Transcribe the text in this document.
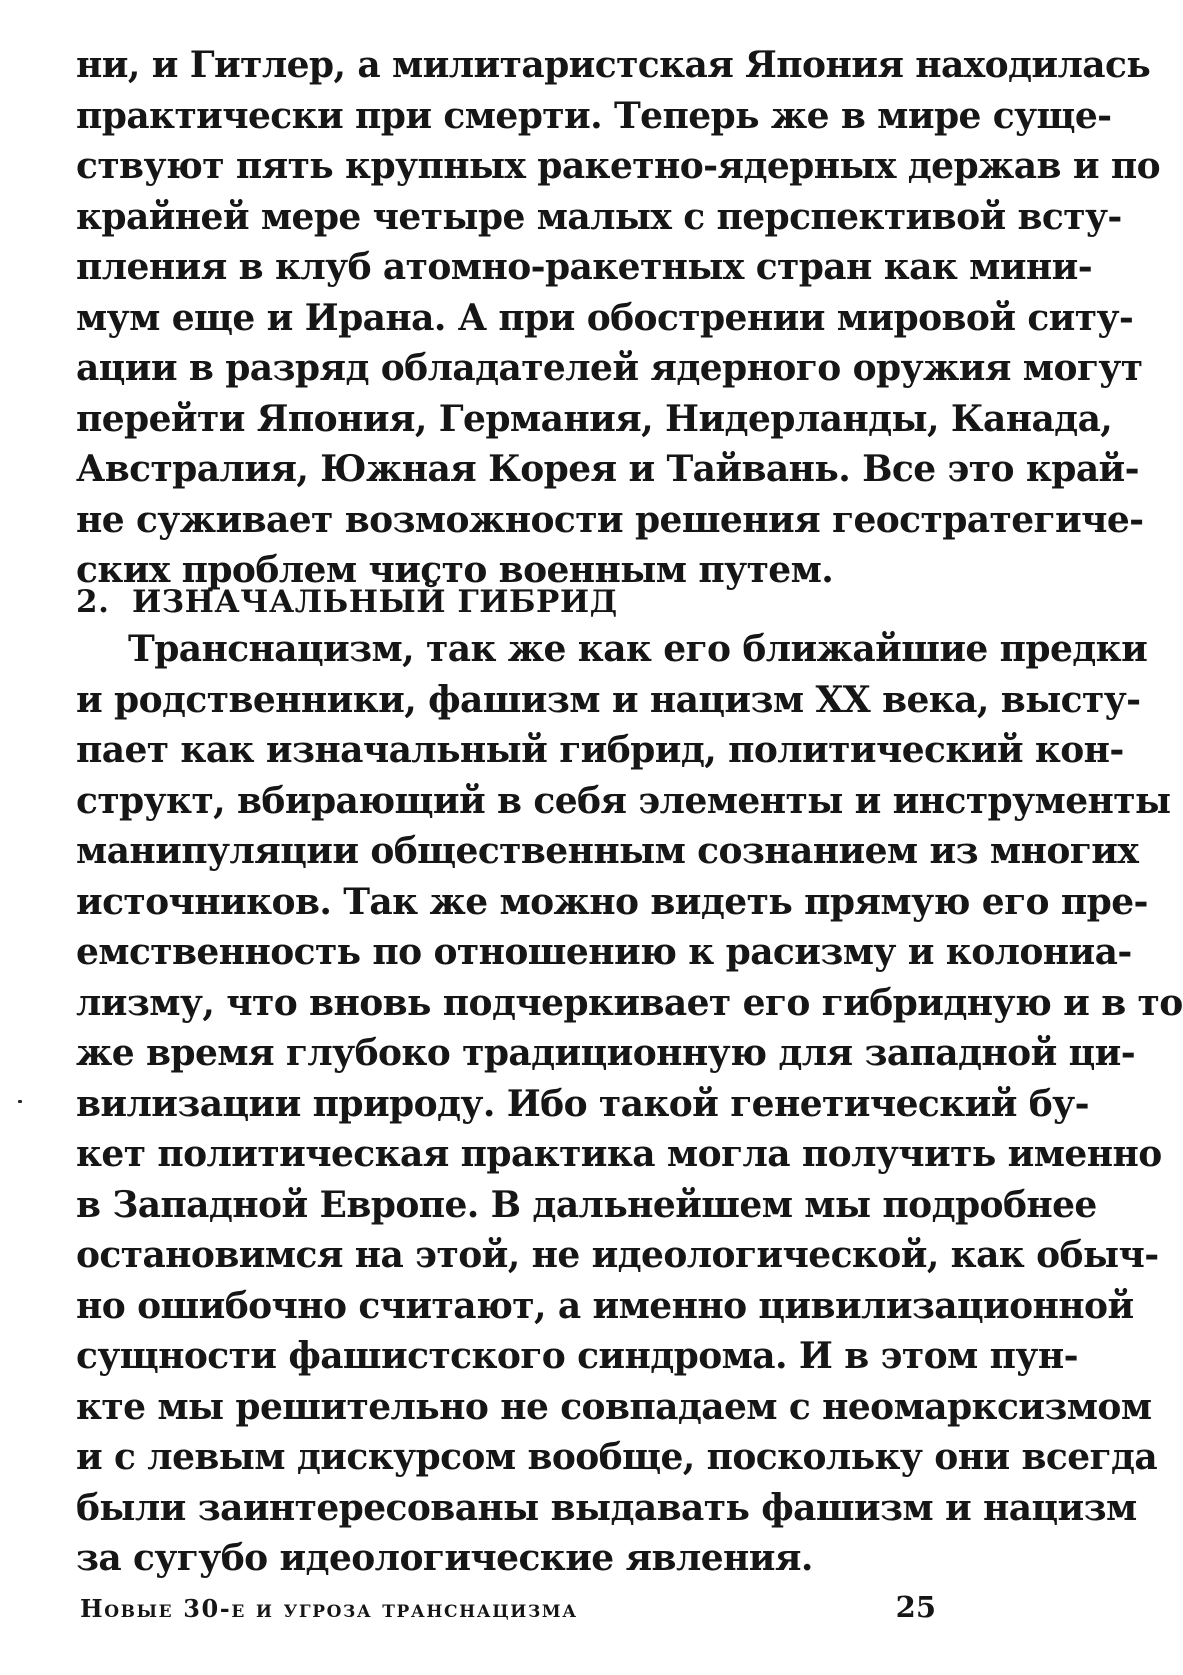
ни, и Гитлер, а милитаристская Япония находилась
практически при смерти. Теперь же в мире суще-
ствуют пять крупных ракетно-ядерных держав и по
крайней мере четыре малых с перспективой всту-
пления в клуб атомно-ракетных стран как мини-
мум еще и Ирана. А при обострении мировой ситу-
ации в разряд обладателей ядерного оружия могут
перейти Япония, Германия, Нидерланды, Канада,
Австралия, Южная Корея и Тайвань. Все это край-
не суживает возможности решения геостратегиче-
ских проблем чисто военным путем.
2. ИЗНАЧАЛЬНЫЙ ГИБРИД
Транснацизм, так же как его ближайшие предки
и родственники, фашизм и нацизм XX века, высту-
пает как изначальный гибрид, политический кон-
структ, вбирающий в себя элементы и инструменты
манипуляции общественным сознанием из многих
источников. Так же можно видеть прямую его пре-
емственность по отношению к расизму и колониа-
лизму, что вновь подчеркивает его гибридную и в то
же время глубоко традиционную для западной ци-
вилизации природу. Ибо такой генетический бу-
кет политическая практика могла получить именно
в Западной Европе. В дальнейшем мы подробнее
остановимся на этой, не идеологической, как обыч-
но ошибочно считают, а именно цивилизационной
сущности фашистского синдрома. И в этом пун-
кте мы решительно не совпадаем с неомарксизмом
и с левым дискурсом вообще, поскольку они всегда
были заинтересованы выдавать фашизм и нацизм
за сугубо идеологические явления.
Новые 30-е и угроза транснацизма	25
